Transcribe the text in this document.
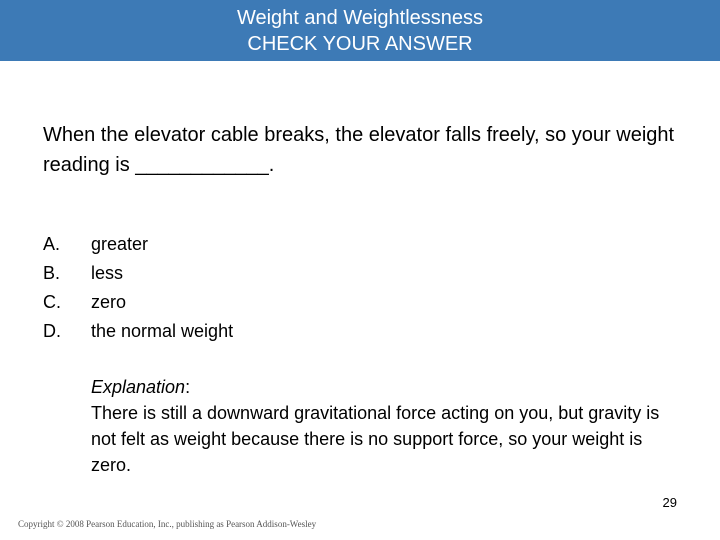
Weight and Weightlessness
CHECK YOUR ANSWER
When the elevator cable breaks, the elevator falls freely, so your weight reading is ____________.
A.	greater
B.	less
C.	zero
D.	the normal weight
Explanation:
There is still a downward gravitational force acting on you, but gravity is not felt as weight because there is no support force, so your weight is zero.
29
Copyright © 2008 Pearson Education, Inc., publishing as Pearson Addison-Wesley
